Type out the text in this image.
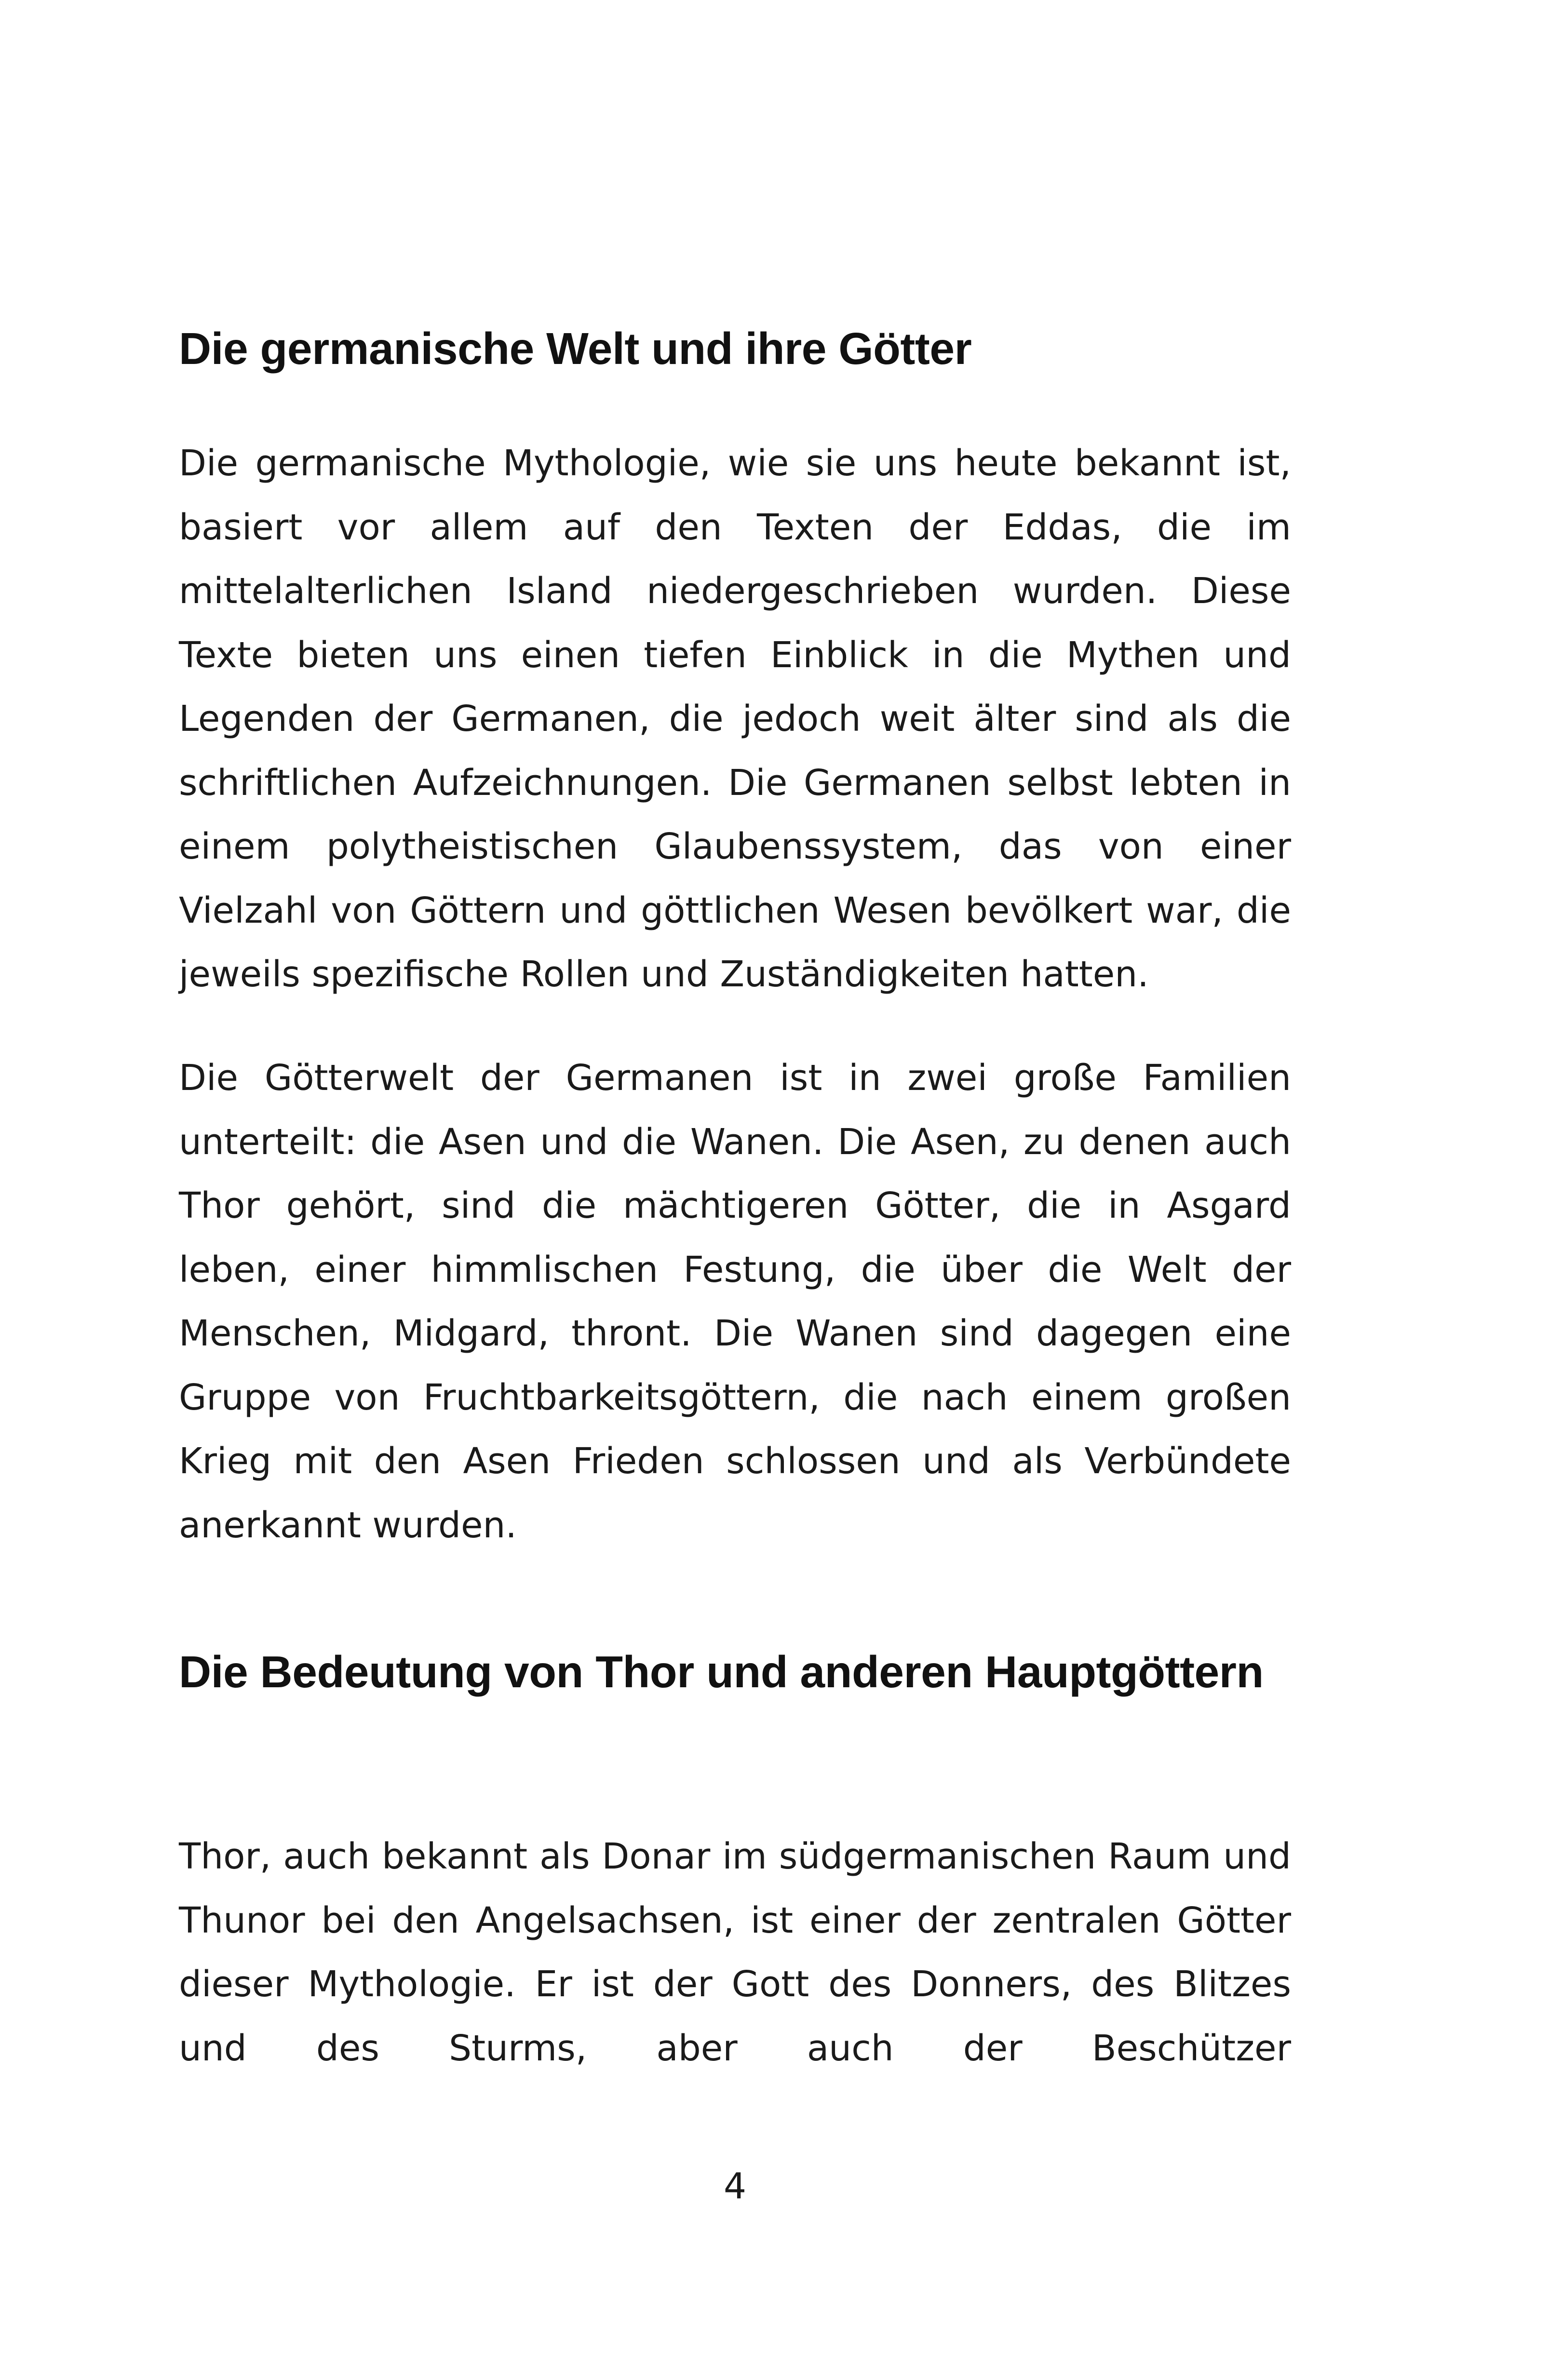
Die germanische Welt und ihre Götter

Die germanische Mythologie, wie sie uns heute bekannt ist, basiert vor allem auf den Texten der Eddas, die im mittelalterlichen Island niedergeschrieben wurden. Diese Texte bieten uns einen tiefen Einblick in die Mythen und Legenden der Germanen, die jedoch weit älter sind als die schriftlichen Aufzeichnungen. Die Germanen selbst lebten in einem polytheistischen Glaubenssystem, das von einer Vielzahl von Göttern und göttlichen Wesen bevölkert war, die jeweils spezifische Rollen und Zuständigkeiten hatten.

Die Götterwelt der Germanen ist in zwei große Familien unterteilt: die Asen und die Wanen. Die Asen, zu denen auch Thor gehört, sind die mächtigeren Götter, die in Asgard leben, einer himmlischen Festung, die über die Welt der Menschen, Midgard, thront. Die Wanen sind dagegen eine Gruppe von Fruchtbarkeitsgöttern, die nach einem großen Krieg mit den Asen Frieden schlossen und als Verbündete anerkannt wurden.

Die Bedeutung von Thor und anderen Hauptgöttern

Thor, auch bekannt als Donar im südgermanischen Raum und Thunor bei den Angelsachsen, ist einer der zentralen Götter dieser Mythologie. Er ist der Gott des Donners, des Blitzes und des Sturms, aber auch der Beschützer

4
